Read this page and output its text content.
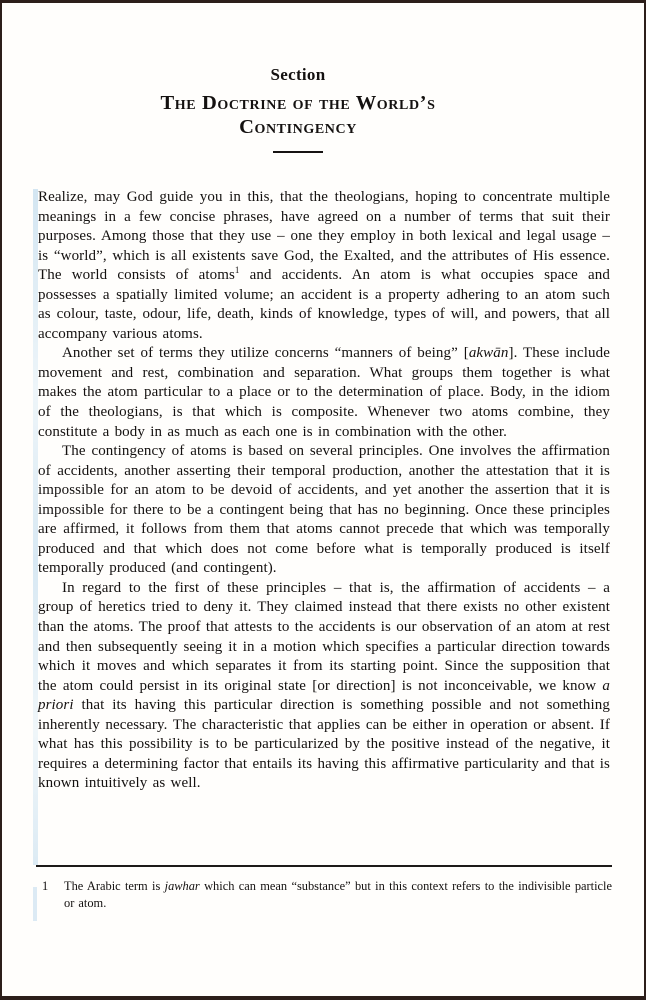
Section
The Doctrine of the World’s
Contingency

Realize, may God guide you in this, that the theologians, hoping to concentrate multiple meanings in a few concise phrases, have agreed on a number of terms that suit their purposes. Among those that they use – one they employ in both lexical and legal usage – is “world”, which is all existents save God, the Exalted, and the attributes of His essence. The world consists of atoms$^1$ and accidents. An atom is what occupies space and possesses a spatially limited volume; an accident is a property adhering to an atom such as colour, taste, odour, life, death, kinds of knowledge, types of will, and powers, that all accompany various atoms.

Another set of terms they utilize concerns “manners of being” [akwān]. These include movement and rest, combination and separation. What groups them together is what makes the atom particular to a place or to the determination of place. Body, in the idiom of the theologians, is that which is composite. Whenever two atoms combine, they constitute a body in as much as each one is in combination with the other.

The contingency of atoms is based on several principles. One involves the affirmation of accidents, another asserting their temporal production, another the attestation that it is impossible for an atom to be devoid of accidents, and yet another the assertion that it is impossible for there to be a contingent being that has no beginning. Once these principles are affirmed, it follows from them that atoms cannot precede that which was temporally produced and that which does not come before what is temporally produced is itself temporally produced (and contingent).

In regard to the first of these principles – that is, the affirmation of accidents – a group of heretics tried to deny it. They claimed instead that there exists no other existent than the atoms. The proof that attests to the accidents is our observation of an atom at rest and then subsequently seeing it in a motion which specifies a particular direction towards which it moves and which separates it from its starting point. Since the supposition that the atom could persist in its original state [or direction] is not inconceivable, we know a priori that its having this particular direction is something possible and not something inherently necessary. The characteristic that applies can be either in operation or absent. If what has this possibility is to be particularized by the positive instead of the negative, it requires a determining factor that entails its having this affirmative particularity and that is known intuitively as well.

1	The Arabic term is jawhar which can mean “substance” but in this context refers to the indivisible particle or atom.
